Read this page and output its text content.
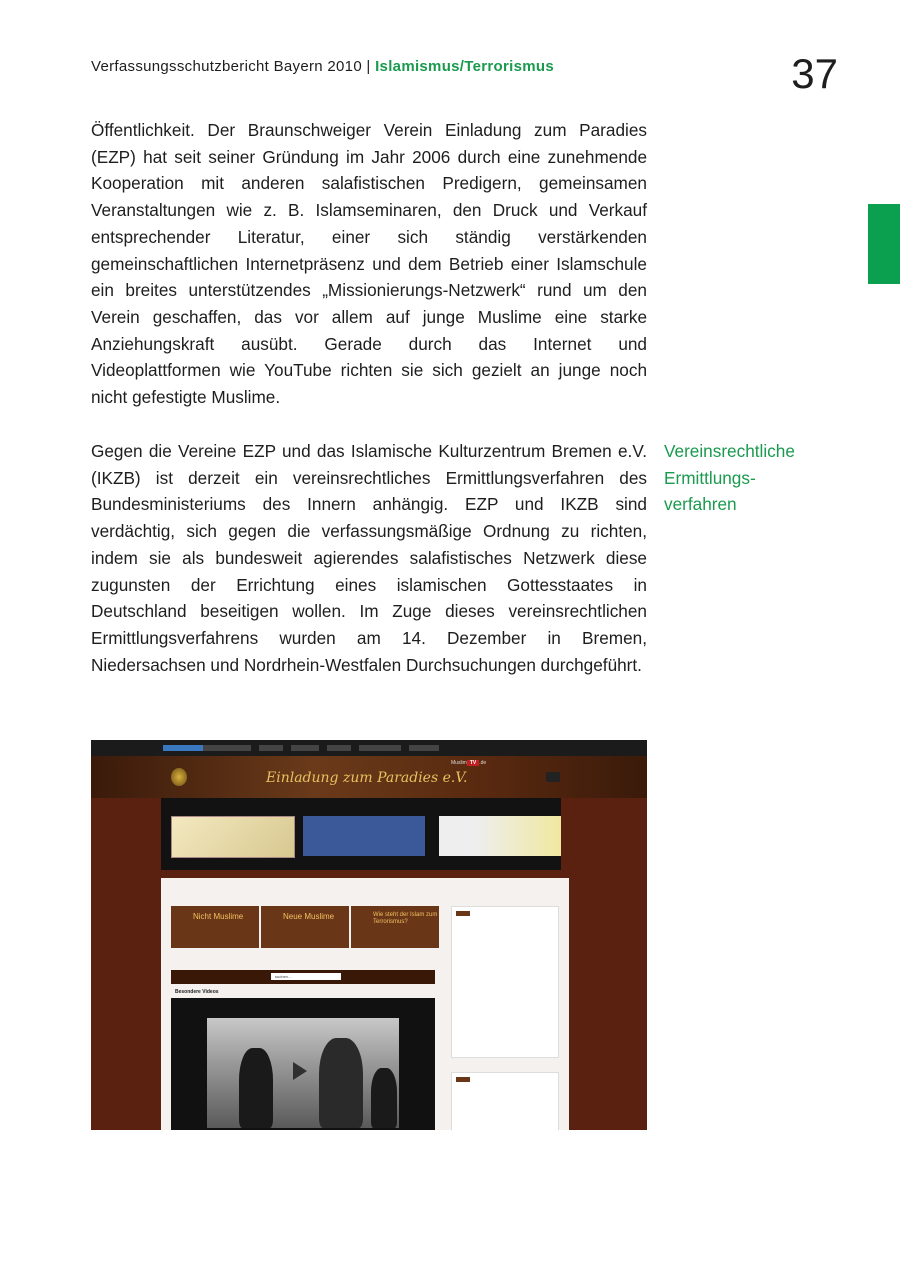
Verfassungsschutzbericht Bayern 2010 | Islamismus/Terrorismus	37

Öffentlichkeit. Der Braunschweiger Verein Einladung zum Paradies (EZP) hat seit seiner Gründung im Jahr 2006 durch eine zunehmende Kooperation mit anderen salafistischen Predigern, gemeinsamen Veranstaltungen wie z. B. Islamseminaren, den Druck und Verkauf entsprechender Literatur, einer sich ständig verstärkenden gemeinschaftlichen Internetpräsenz und dem Betrieb einer Islamschule ein breites unterstützendes „Missionierungs-Netzwerk“ rund um den Verein geschaffen, das vor allem auf junge Muslime eine starke Anziehungskraft ausübt. Gerade durch das Internet und Videoplattformen wie YouTube richten sie sich gezielt an junge noch nicht gefestigte Muslime.

Gegen die Vereine EZP und das Islamische Kulturzentrum Bremen e.V. (IKZB) ist derzeit ein vereinsrechtliches Ermittlungsverfahren des Bundesministeriums des Innern anhängig. EZP und IKZB sind verdächtig, sich gegen die verfassungsmäßige Ordnung zu richten, indem sie als bundesweit agierendes salafistisches Netzwerk diese zugunsten der Errichtung eines islamischen Gottesstaates in Deutschland beseitigen wollen. Im Zuge dieses vereinsrechtlichen Ermittlungsverfahrens wurden am 14. Dezember in Bremen, Niedersachsen und Nordrhein-Westfalen Durchsuchungen durchgeführt.

Vereinsrechtliche
Ermittlungs-
verfahren
Einladung zum Paradies e.V.
Muslim TV .de
Nicht Muslime	Neue Muslime	Wie steht der Islam zum Terrorismus?
suchen...
Besondere Videos
